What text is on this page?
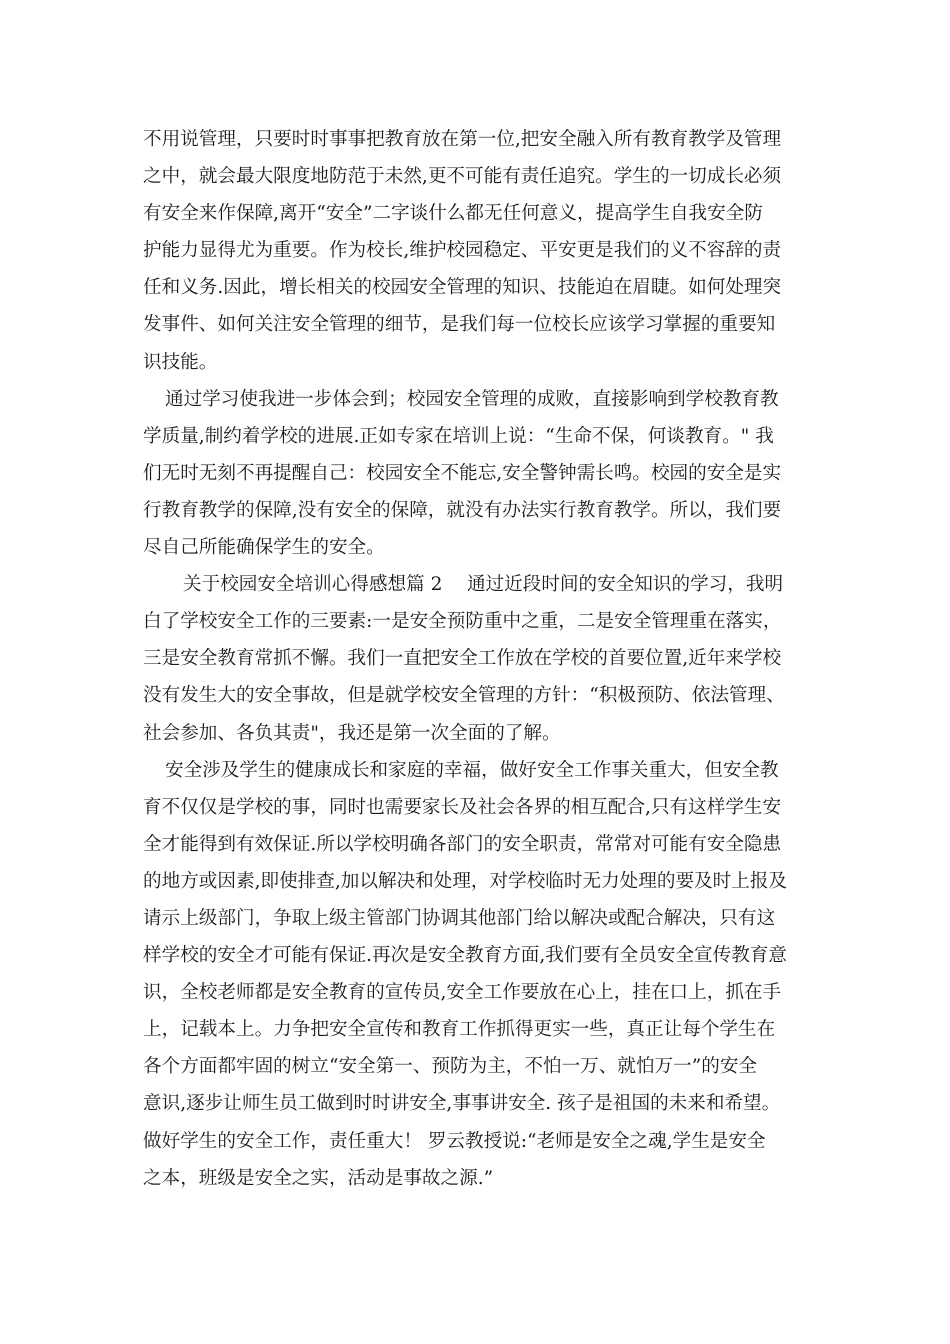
不用说管理，只要时时事事把教育放在第一位,把安全融入所有教育教学及管理
之中，就会最大限度地防范于未然,更不可能有责任追究。学生的一切成长必须
有安全来作保障,离开“安全”二字谈什么都无任何意义，提高学生自我安全防
护能力显得尤为重要。作为校长,维护校园稳定、平安更是我们的义不容辞的责
任和义务.因此，增长相关的校园安全管理的知识、技能迫在眉睫。如何处理突
发事件、如何关注安全管理的细节，是我们每一位校长应该学习掌握的重要知
识技能。
通过学习使我进一步体会到；校园安全管理的成败，直接影响到学校教育教
学质量,制约着学校的进展.正如专家在培训上说：“生命不保，何谈教育。" 我
们无时无刻不再提醒自己：校园安全不能忘,安全警钟需长鸣。校园的安全是实
行教育教学的保障,没有安全的保障，就没有办法实行教育教学。所以，我们要
尽自己所能确保学生的安全。
关于校园安全培训心得感想篇 2　 通过近段时间的安全知识的学习，我明
白了学校安全工作的三要素:一是安全预防重中之重，二是安全管理重在落实，
三是安全教育常抓不懈。我们一直把安全工作放在学校的首要位置,近年来学校
没有发生大的安全事故，但是就学校安全管理的方针：“积极预防、依法管理、
社会参加、各负其责"，我还是第一次全面的了解。
安全涉及学生的健康成长和家庭的幸福，做好安全工作事关重大，但安全教
育不仅仅是学校的事，同时也需要家长及社会各界的相互配合,只有这样学生安
全才能得到有效保证.所以学校明确各部门的安全职责，常常对可能有安全隐患
的地方或因素,即使排查,加以解决和处理，对学校临时无力处理的要及时上报及
请示上级部门，争取上级主管部门协调其他部门给以解决或配合解决，只有这
样学校的安全才可能有保证.再次是安全教育方面,我们要有全员安全宣传教育意
识，全校老师都是安全教育的宣传员,安全工作要放在心上，挂在口上，抓在手
上，记载本上。力争把安全宣传和教育工作抓得更实一些，真正让每个学生在
各个方面都牢固的树立“安全第一、预防为主，不怕一万、就怕万一”的安全
意识,逐步让师生员工做到时时讲安全,事事讲安全. 孩子是祖国的未来和希望。
做好学生的安全工作，责任重大！ 罗云教授说:“老师是安全之魂,学生是安全
之本，班级是安全之实，活动是事故之源.”
